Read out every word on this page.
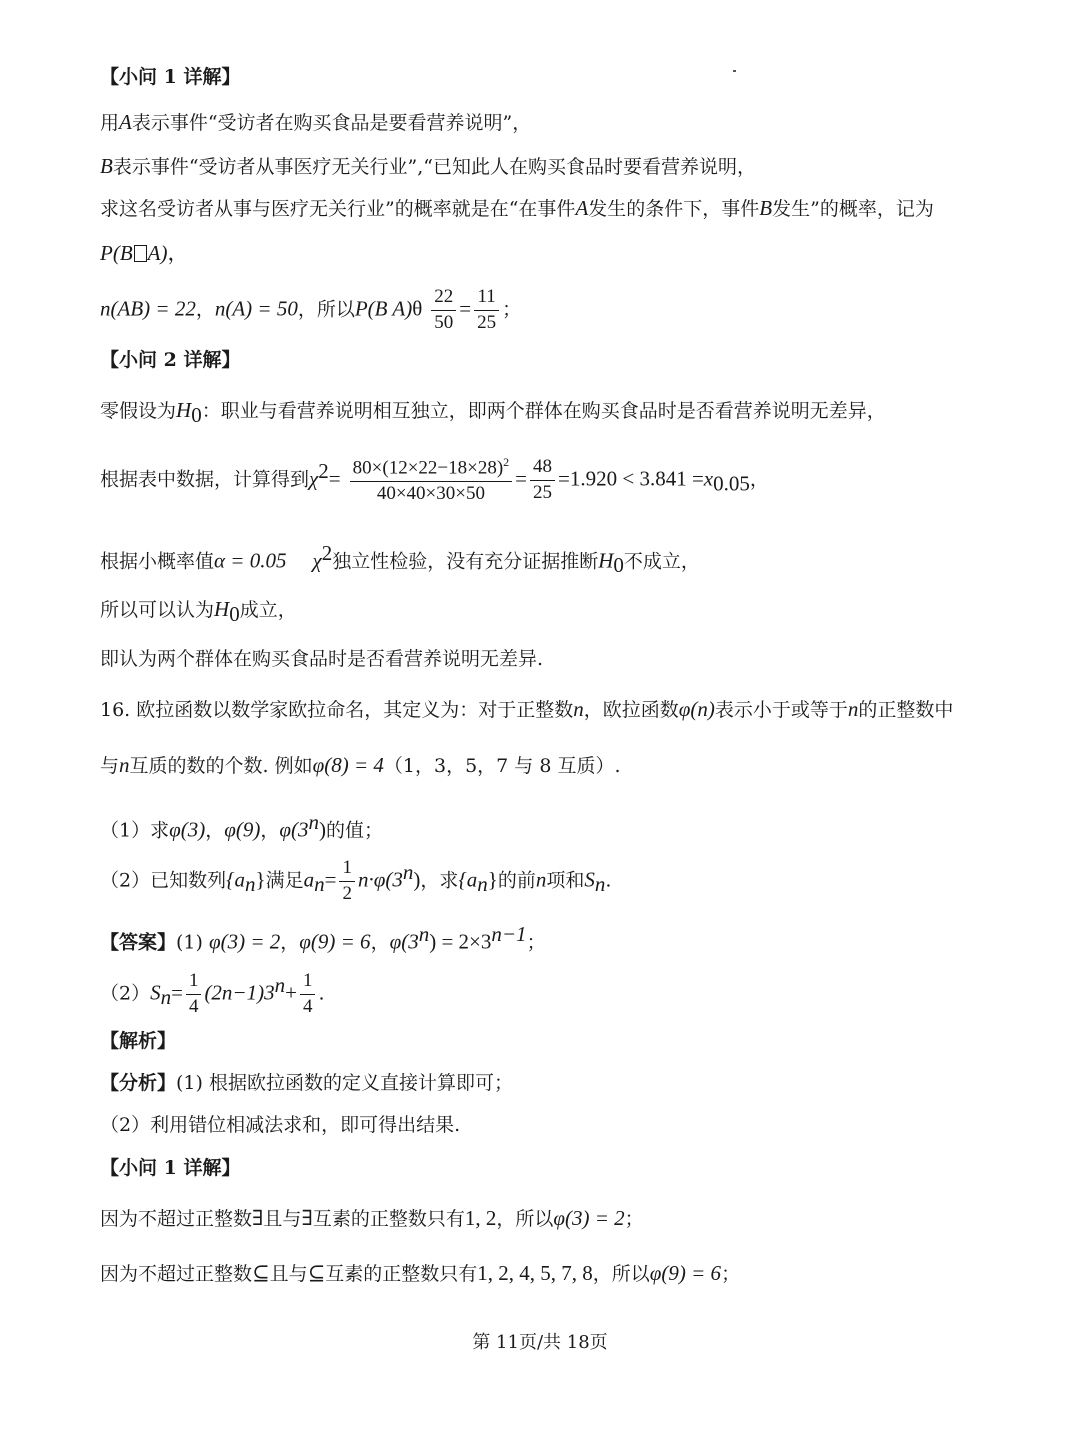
【小问 1 详解】
用A表示事件“受访者在购买食品是要看营养说明”，
B表示事件“受访者从事医疗无关行业”,“已知此人在购买食品时要看营养说明，
求这名受访者从事与医疗无关行业”的概率就是在“在事件A发生的条件下，事件B发生”的概率，记为
P(B A)，
n(AB) = 22，n(A) = 50，所以P(B $A)\theta \frac{22}{50} = \frac{11}{25}$ ；
【小问 2 详解】
零假设为$H_0$：职业与看营养说明相互独立，即两个群体在购买食品时是否看营养说明无差异，
根据表中数据，计算得到$\chi^2= \frac{80\times(12\times 22-18\times 28)^2}{40\times 40\times 30\times 50} = \frac{48}{25} =1.920 < 3.841 =x_{0.05}$，
根据小概率值α = 0.05 $\chi^2$独立性检验，没有充分证据推断$H_0$不成立，
所以可以认为$H_0$成立，
即认为两个群体在购买食品时是否看营养说明无差异.
16. 欧拉函数以数学家欧拉命名，其定义为：对于正整数n，欧拉函数φ(n)表示小于或等于n的正整数中
与n互质的数的个数. 例如φ(8) = 4（1，3，5，7 与 8 互质）.
（1）求φ(3)，φ(9)，φ(3$^n$)的值；
（2）已知数列$\{a_n\}$满足$a_n= \frac{1}{2} n\cdot\varphi(3^n)$，求$\{a_n\}$的前n项和$S_n$.
【答案】(1) φ(3) = 2，φ(9) = 6，$\varphi(3^n) = 2\times 3^{n-1}$；
$(2)S_n= \frac{1}{4} (2n-1)3^n+ \frac{1}{4}$ .
【解析】
【分析】(1) 根据欧拉函数的定义直接计算即可；
（2）利用错位相减法求和，即可得出结果.
【小问 1 详解】
因为不超过正整数∃且与∃互素的正整数只有1, 2，所以φ(3) = 2；
因为不超过正整数⊆且与⊆互素的正整数只有1, 2, 4, 5, 7, 8，所以φ(9) = 6；
第 11页/共 18页
